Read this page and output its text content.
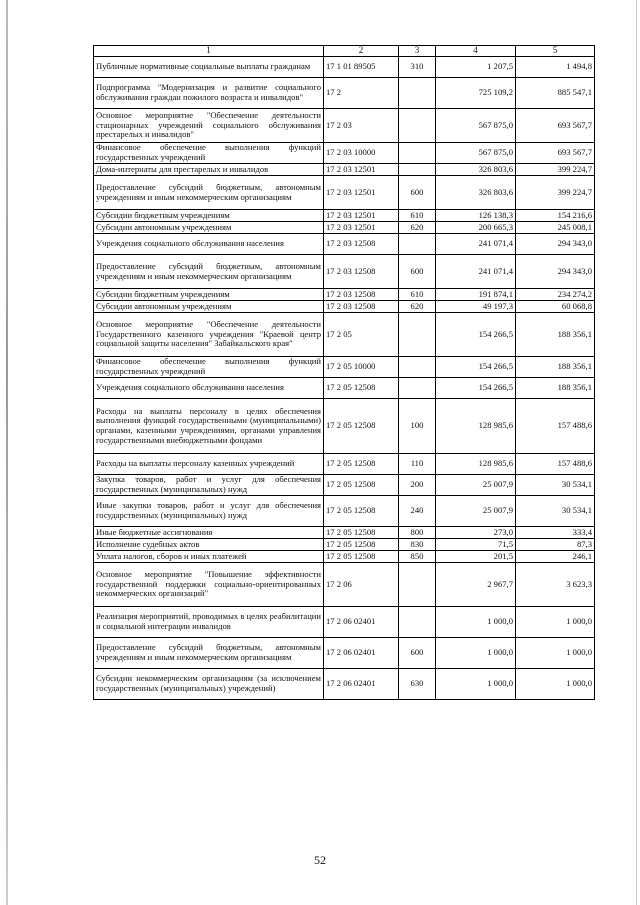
1	2	3	4	5
Публичные нормативные социальные выплаты гражданам	17 1 01 89505	310	1 207,5	1 494,8
Подпрограмма "Модернизация и развитие социального обслуживания граждан пожилого возраста и инвалидов"	17 2		725 109,2	885 547,1
Основное мероприятие "Обеспечение деятельности стационарных учреждений социального обслуживания престарелых и инвалидов"	17 2 03		567 875,0	693 567,7
Финансовое обеспечение выполнения функций государственных учреждений	17 2 03 10000		567 875,0	693 567,7
Дома-интернаты для престарелых и инвалидов	17 2 03 12501		326 803,6	399 224,7
Предоставление субсидий бюджетным, автономным учреждениям и иным некоммерческим организациям	17 2 03 12501	600	326 803,6	399 224,7
Субсидии бюджетным учреждениям	17 2 03 12501	610	126 138,3	154 216,6
Субсидии автономным учреждениям	17 2 03 12501	620	200 665,3	245 008,1
Учреждения социального обслуживания населения	17 2 03 12508		241 071,4	294 343,0
Предоставление субсидий бюджетным, автономным учреждениям и иным некоммерческим организациям	17 2 03 12508	600	241 071,4	294 343,0
Субсидии бюджетным учреждениям	17 2 03 12508	610	191 874,1	234 274,2
Субсидии автономным учреждениям	17 2 03 12508	620	49 197,3	60 068,8
Основное мероприятие "Обеспечение деятельности Государственного казенного учреждения "Краевой центр социальной защиты населения" Забайкальского края"	17 2 05		154 266,5	188 356,1
Финансовое обеспечение выполнения функций государственных учреждений	17 2 05 10000		154 266,5	188 356,1
Учреждения социального обслуживания населения	17 2 05 12508		154 266,5	188 356,1
Расходы на выплаты персоналу в целях обеспечения выполнения функций государственными (муниципальными) органами, казенными учреждениями, органами управления государственными внебюджетными фондами	17 2 05 12508	100	128 985,6	157 488,6
Расходы на выплаты персоналу казенных учреждений	17 2 05 12508	110	128 985,6	157 488,6
Закупка товаров, работ и услуг для обеспечения государственных (муниципальных) нужд	17 2 05 12508	200	25 007,9	30 534,1
Иные закупки товаров, работ и услуг для обеспечения государственных (муниципальных) нужд	17 2 05 12508	240	25 007,9	30 534,1
Иные бюджетные ассигнования	17 2 05 12508	800	273,0	333,4
Исполнение судебных актов	17 2 05 12508	830	71,5	87,3
Уплата налогов, сборов и иных платежей	17 2 05 12508	850	201,5	246,1
Основное мероприятие "Повышение эффективности государственной поддержки социально-ориентированных некоммерческих организаций"	17 2 06		2 967,7	3 623,3
Реализация мероприятий, проводимых в целях реабилитации и социальной интеграции инвалидов	17 2 06 02401		1 000,0	1 000,0
Предоставление субсидий бюджетным, автономным учреждениям и иным некоммерческим организациям	17 2 06 02401	600	1 000,0	1 000,0
Субсидии некоммерческим организациям (за исключением государственных (муниципальных) учреждений)	17 2 06 02401	630	1 000,0	1 000,0
52
